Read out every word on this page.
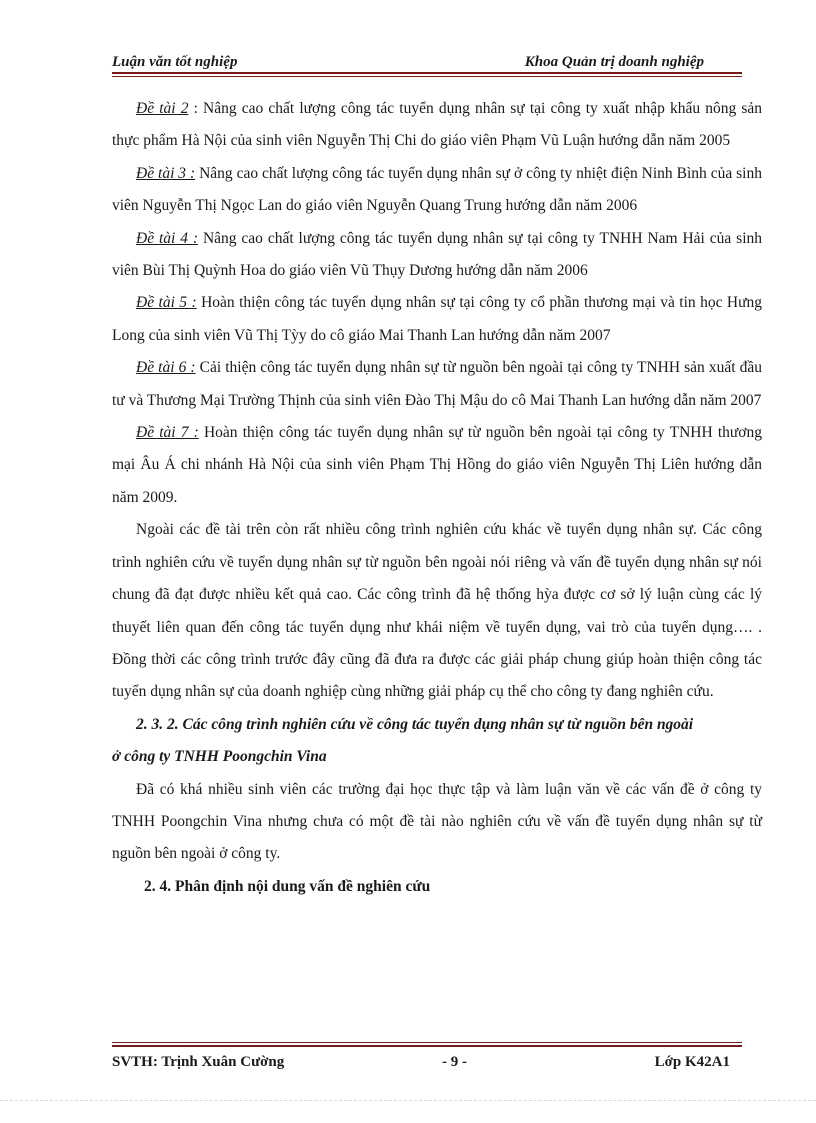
Luận văn tốt nghiệp	Khoa Quản trị doanh nghiệp

Đề tài 2 : Nâng cao chất lượng công tác tuyển dụng nhân sự tại công ty xuất nhập khẩu nông sản thực phẩm Hà Nội của sinh viên Nguyễn Thị Chi do giáo viên Phạm Vũ Luận hướng dẫn năm 2005

Đề tài 3 : Nâng cao chất lượng công tác tuyển dụng nhân sự ở công ty nhiệt điện Ninh Bình của sinh viên Nguyễn Thị Ngọc Lan do giáo viên Nguyễn Quang Trung hướng dẫn năm 2006

Đề tài 4 : Nâng cao chất lượng công tác tuyển dụng nhân sự tại công ty TNHH Nam Hải của sinh viên Bùi Thị Quỳnh Hoa do giáo viên Vũ Thụy Dương hướng dẫn năm 2006

Đề tài 5 : Hoàn thiện công tác tuyển dụng nhân sự tại công ty cổ phần thương mại và tin học Hưng Long của sinh viên Vũ Thị Tỳy do cô giáo Mai Thanh Lan hướng dẫn năm 2007

Đề tài 6 : Cải thiện công tác tuyển dụng nhân sự từ nguồn bên ngoài tại công ty TNHH sản xuất đầu tư và Thương Mại Trường Thịnh của sinh viên Đào Thị Mậu do cô Mai Thanh Lan hướng dẫn năm 2007

Đề tài 7 : Hoàn thiện công tác tuyển dụng nhân sự từ nguồn bên ngoài tại công ty TNHH thương mại Âu Á chi nhánh Hà Nội của sinh viên Phạm Thị Hồng do giáo viên Nguyễn Thị Liên hướng dẫn năm 2009.

Ngoài các đề tài trên còn rất nhiều công trình nghiên cứu khác về tuyển dụng nhân sự. Các công trình nghiên cứu về tuyển dụng nhân sự từ nguồn bên ngoài nói riêng và vấn đề tuyển dụng nhân sự nói chung đã đạt được nhiều kết quả cao. Các công trình đã hệ thống hỳa được cơ sở lý luận cùng các lý thuyết liên quan đến công tác tuyển dụng như khái niệm về tuyển dụng, vai trò của tuyển dụng…. . Đồng thời các công trình trước đây cũng đã đưa ra được các giải pháp chung giúp hoàn thiện công tác tuyển dụng nhân sự của doanh nghiệp cùng những giải pháp cụ thể cho công ty đang nghiên cứu.

2. 3. 2. Các công trình nghiên cứu về công tác tuyển dụng nhân sự từ nguồn bên ngoài
ở công ty TNHH Poongchin Vina

Đã có khá nhiều sinh viên các trường đại học thực tập và làm luận văn về các vấn đề ở công ty TNHH Poongchin Vina nhưng chưa có một đề tài nào nghiên cứu về vấn đề tuyển dụng nhân sự từ nguồn bên ngoài ở công ty.

2. 4. Phân định nội dung vấn đề nghiên cứu

SVTH: Trịnh Xuân Cường	- 9 -	Lớp K42A1
